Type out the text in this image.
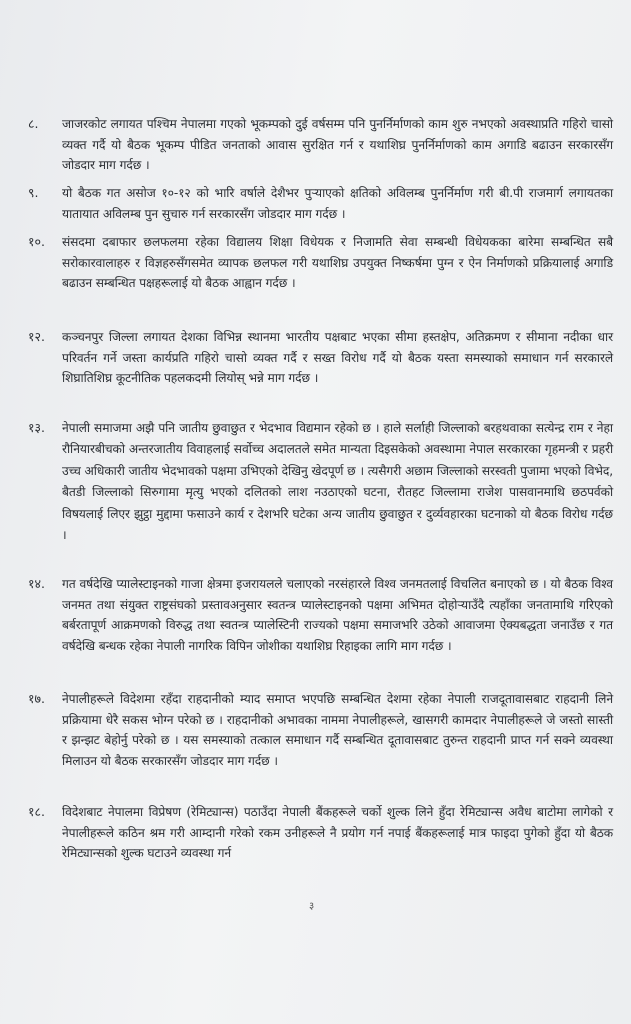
८. जाजरकोट लगायत पश्चिम नेपालमा गएको भूकम्पको दुई वर्षसम्म पनि पुनर्निर्माणको काम शुरु नभएको अवस्थाप्रति गहिरो चासो व्यक्त गर्दै यो बैठक भूकम्प पीडित जनताको आवास सुरक्षित गर्न र यथाशिघ्र पुनर्निर्माणको काम अगाडि बढाउन सरकारसँग जोडदार माग गर्दछ ।
९. यो बैठक गत असोज १०-१२ को भारि वर्षाले देशैभर पुऱ्याएको क्षतिको अविलम्ब पुनर्निर्माण गरी बी.पी राजमार्ग लगायतका यातायात अविलम्ब पुन सुचारु गर्न सरकारसँग जोडदार माग गर्दछ ।
१०. संसदमा दबाफार छलफलमा रहेका विद्यालय शिक्षा विधेयक र निजामति सेवा सम्बन्धी विधेयकका बारेमा सम्बन्धित सबै सरोकारवालाहरु र विज्ञहरुसँगसमेत व्यापक छलफल गरी यथाशिघ्र उपयुक्त निष्कर्षमा पुग्न र ऐन निर्माणको प्रक्रियालाई अगाडि बढाउन सम्बन्धित पक्षहरूलाई यो बैठक आह्वान गर्दछ ।
१२. कञ्चनपुर जिल्ला लगायत देशका विभिन्न स्थानमा भारतीय पक्षबाट भएका सीमा हस्तक्षेप, अतिक्रमण र सीमाना नदीका धार परिवर्तन गर्ने जस्ता कार्यप्रति गहिरो चासो व्यक्त गर्दै र सख्त विरोध गर्दै यो बैठक यस्ता समस्याको समाधान गर्न सरकारले शिघ्रातिशिघ्र कूटनीतिक पहलकदमी लियोस् भन्ने माग गर्दछ ।
१३. नेपाली समाजमा अझै पनि जातीय छुवाछुत र भेदभाव विद्यमान रहेको छ । हाले सर्लाही जिल्लाको बरहथवाका सत्येन्द्र राम र नेहा रौनियारबीचको अन्तरजातीय विवाहलाई सर्वोच्च अदालतले समेत मान्यता दिइसकेको अवस्थामा नेपाल सरकारका गृहमन्त्री र प्रहरी उच्च अधिकारी जातीय भेदभावको पक्षमा उभिएको देखिनु खेदपूर्ण छ । त्यसैगरी अछाम जिल्लाको सरस्वती पुजामा भएको विभेद, बैतडी जिल्लाको सिरुगामा मृत्यु भएको दलितको लाश नउठाएको घटना, रौतहट जिल्लामा राजेश पासवानमाथि छठपर्वको विषयलाई लिएर झुट्ठा मुद्दामा फसाउने कार्य र देशभरि घटेका अन्य जातीय छुवाछुत र दुर्व्यवहारका घटनाको यो बैठक विरोध गर्दछ ।
१४. गत वर्षदेखि प्यालेस्टाइनको गाजा क्षेत्रमा इजरायलले चलाएको नरसंहारले विश्व जनमतलाई विचलित बनाएको छ । यो बैठक विश्व जनमत तथा संयुक्त राष्ट्रसंघको प्रस्तावअनुसार स्वतन्त्र प्यालेस्टाइनको पक्षमा अभिमत दोहोऱ्याउँदै त्यहाँका जनतामाथि गरिएको बर्बरतापूर्ण आक्रमणको विरुद्ध तथा स्वतन्त्र प्यालेस्टिनी राज्यको पक्षमा समाजभरि उठेको आवाजमा ऐक्यबद्धता जनाउँछ र गत वर्षदेखि बन्धक रहेका नेपाली नागरिक विपिन जोशीका यथाशिघ्र रिहाइका लागि माग गर्दछ ।
१७. नेपालीहरूले विदेशमा रहँदा राहदानीको म्याद समाप्त भएपछि सम्बन्धित देशमा रहेका नेपाली राजदूतावासबाट राहदानी लिने प्रक्रियामा धेरै सकस भोग्न परेको छ । राहदानीको अभावका नाममा नेपालीहरूले, खासगरी कामदार नेपालीहरूले जे जस्तो सास्ती र झन्झट बेहोर्नु परेको छ । यस समस्याको तत्काल समाधान गर्दै सम्बन्धित दूतावासबाट तुरुन्त राहदानी प्राप्त गर्न सक्ने व्यवस्था मिलाउन यो बैठक सरकारसँग जोडदार माग गर्दछ ।
१८. विदेशबाट नेपालमा विप्रेषण (रेमिट्यान्स) पठाउँदा नेपाली बैंकहरूले चर्को शुल्क लिने हुँदा रेमिट्यान्स अवैध बाटोमा लागेको र नेपालीहरूले कठिन श्रम गरी आम्दानी गरेको रकम उनीहरूले नै प्रयोग गर्न नपाई बैंकहरूलाई मात्र फाइदा पुगेको हुँदा यो बैठक रेमिट्यान्सको शुल्क घटाउने व्यवस्था गर्न
३
